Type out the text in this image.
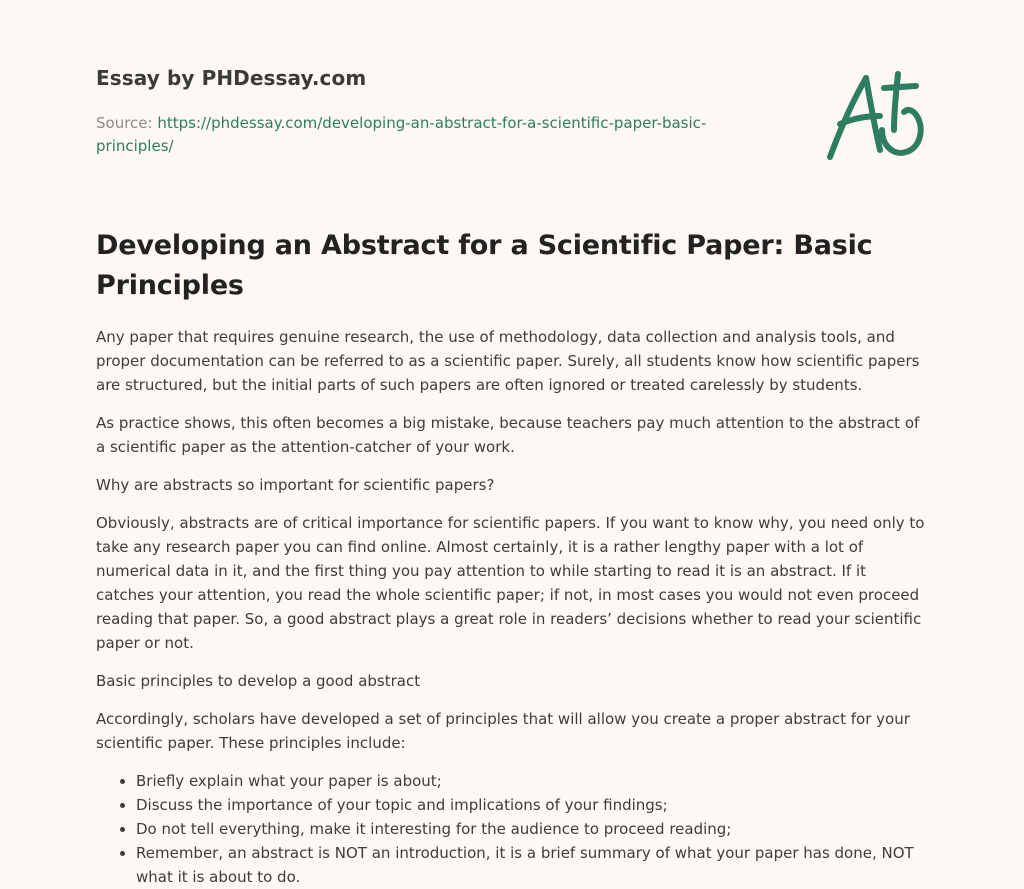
Essay by PHDessay.com
Source: https://phdessay.com/developing-an-abstract-for-a-scientific-paper-basic-principles/
Developing an Abstract for a Scientific Paper: Basic Principles

Any paper that requires genuine research, the use of methodology, data collection and analysis tools, and proper documentation can be referred to as a scientific paper. Surely, all students know how scientific papers are structured, but the initial parts of such papers are often ignored or treated carelessly by students.

As practice shows, this often becomes a big mistake, because teachers pay much attention to the abstract of a scientific paper as the attention-catcher of your work.

Why are abstracts so important for scientific papers?

Obviously, abstracts are of critical importance for scientific papers. If you want to know why, you need only to take any research paper you can find online. Almost certainly, it is a rather lengthy paper with a lot of numerical data in it, and the first thing you pay attention to while starting to read it is an abstract. If it catches your attention, you read the whole scientific paper; if not, in most cases you would not even proceed reading that paper. So, a good abstract plays a great role in readers’ decisions whether to read your scientific paper or not.

Basic principles to develop a good abstract

Accordingly, scholars have developed a set of principles that will allow you create a proper abstract for your scientific paper. These principles include:

• Briefly explain what your paper is about;
• Discuss the importance of your topic and implications of your findings;
• Do not tell everything, make it interesting for the audience to proceed reading;
• Remember, an abstract is NOT an introduction, it is a brief summary of what your paper has done, NOT what it is about to do.
